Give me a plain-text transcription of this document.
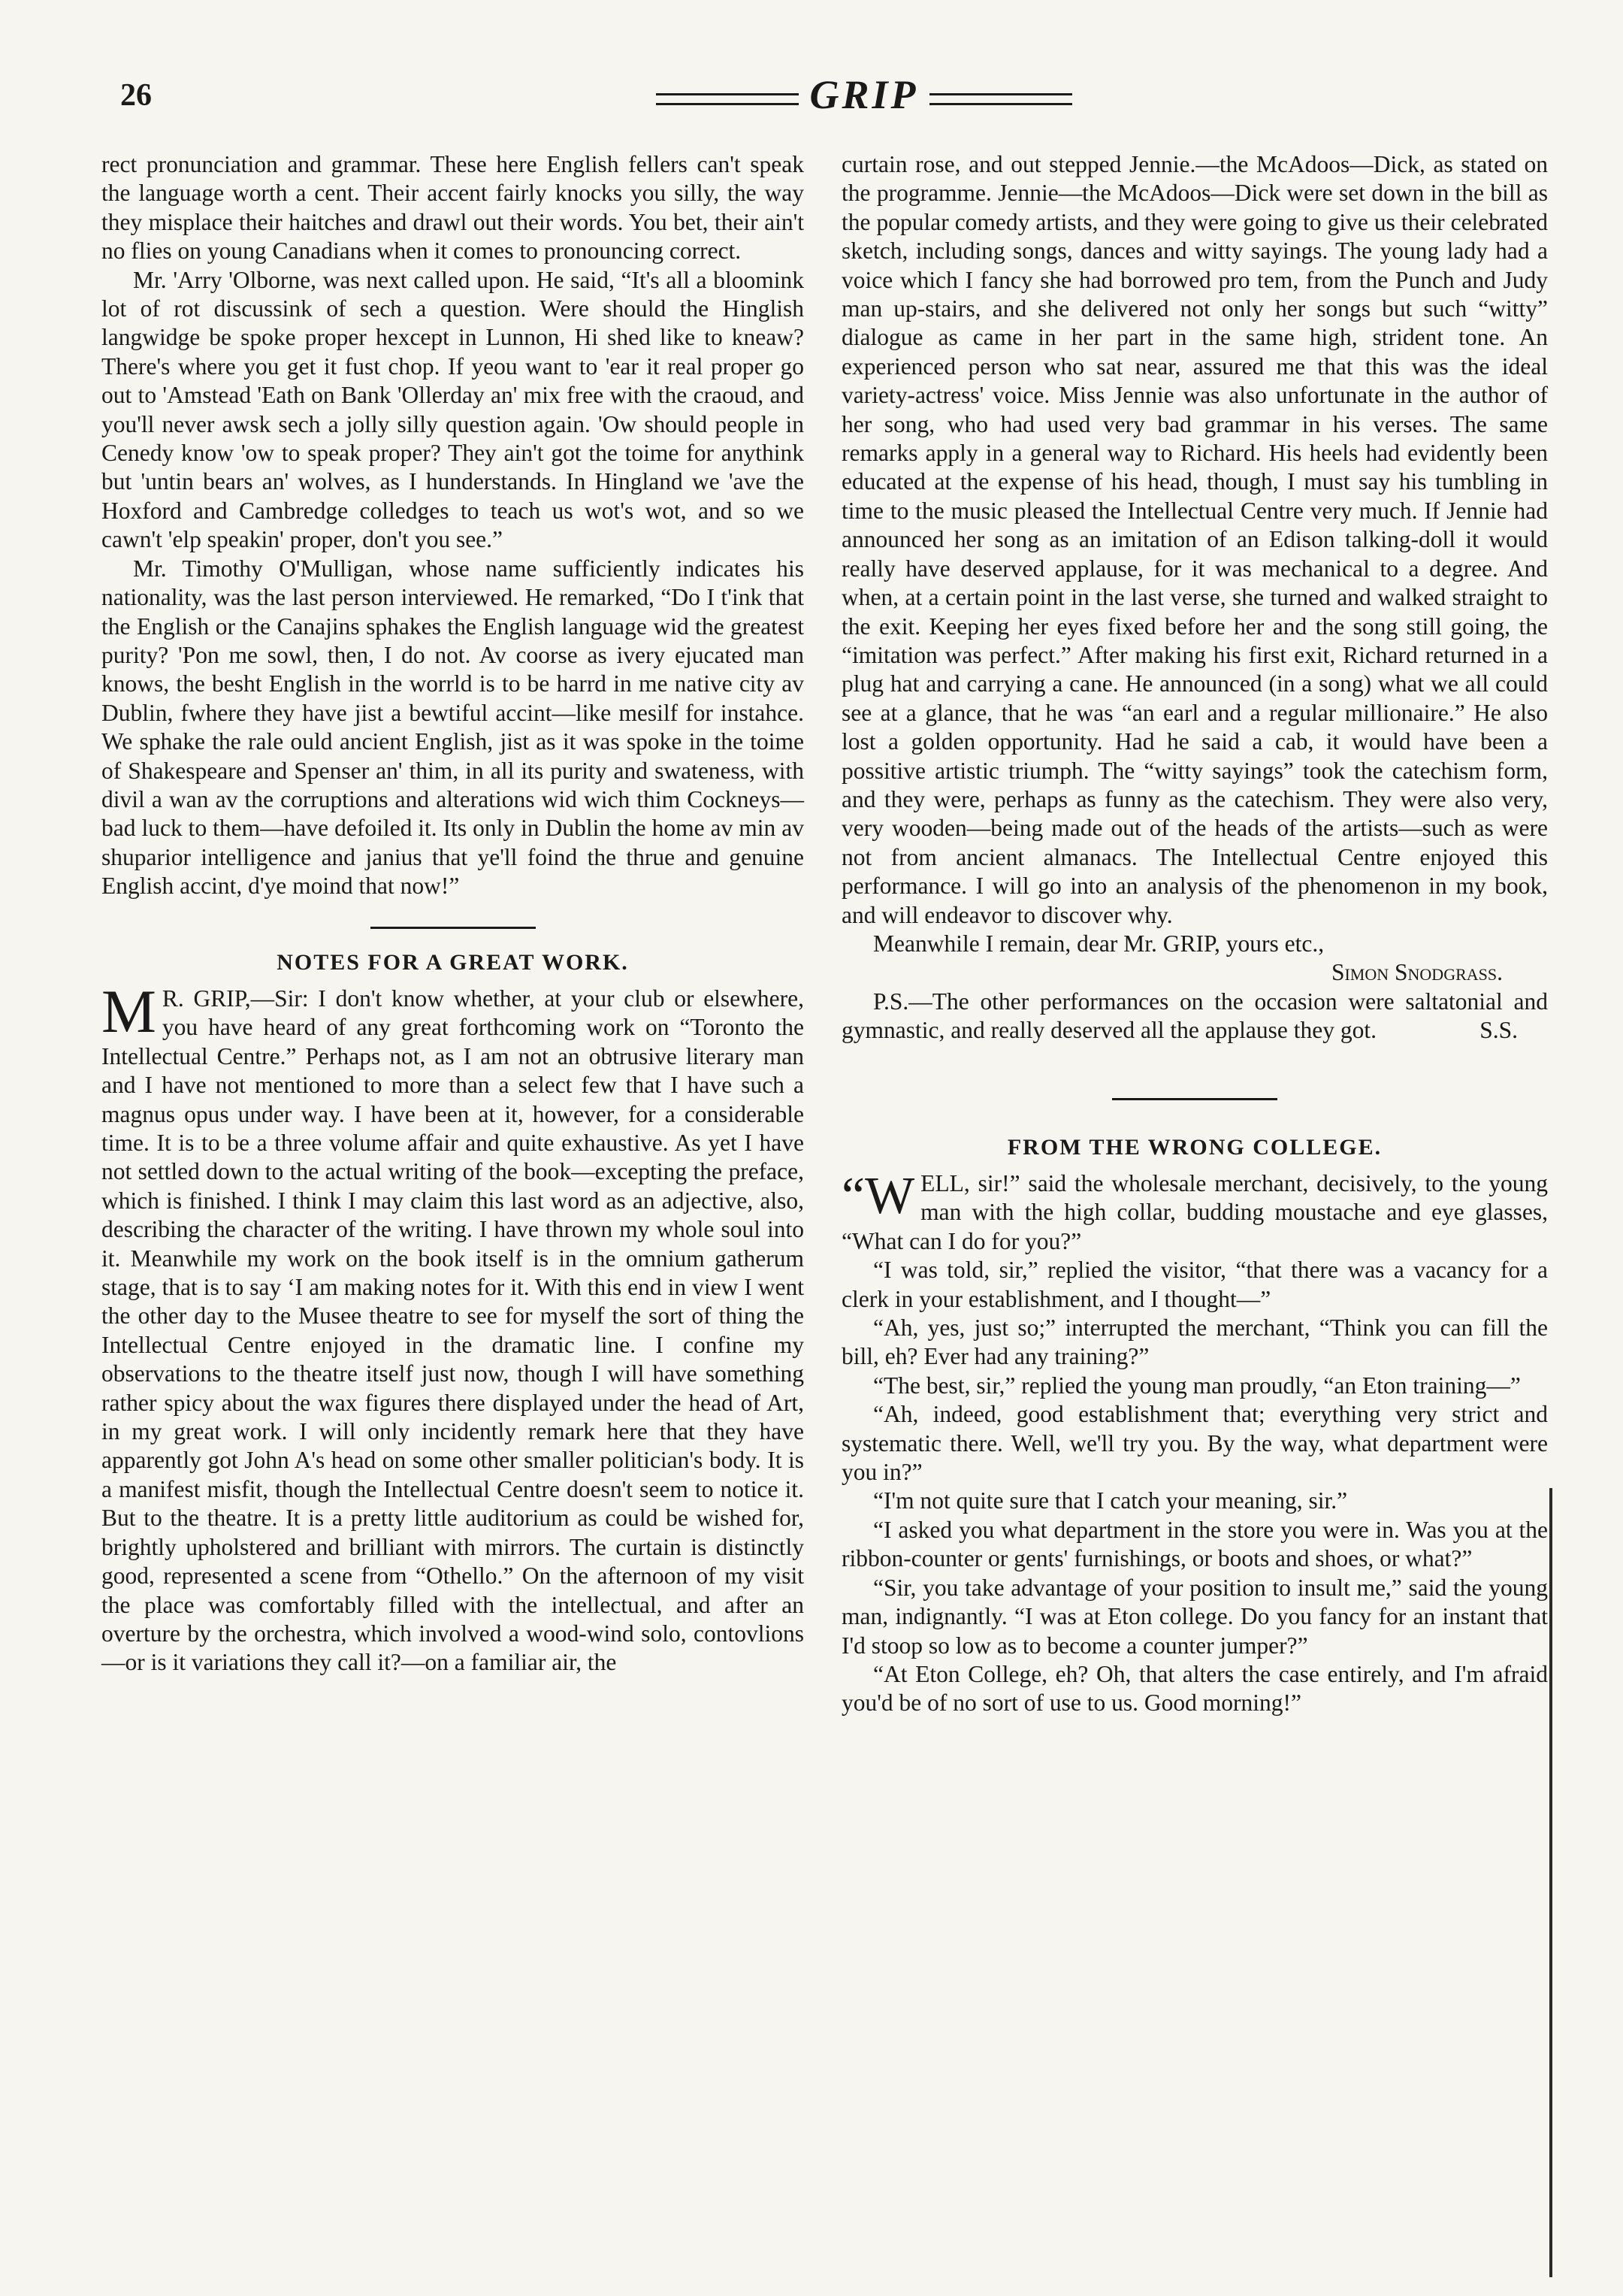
26	GRIP

rect pronunciation and grammar. These here English fellers can't speak the language worth a cent. Their accent fairly knocks you silly, the way they misplace their haitches and drawl out their words. You bet, their ain't no flies on young Canadians when it comes to pronouncing correct.

Mr. 'Arry 'Olborne, was next called upon. He said, “It's all a bloomink lot of rot discussink of sech a question. Were should the Hinglish langwidge be spoke proper hexcept in Lunnon, Hi shed like to kneaw? There's where you get it fust chop. If yeou want to 'ear it real proper go out to 'Amstead 'Eath on Bank 'Ollerday an' mix free with the craoud, and you'll never awsk sech a jolly silly question again. 'Ow should people in Cenedy know 'ow to speak proper? They ain't got the toime for anythink but 'untin bears an' wolves, as I hunderstands. In Hingland we 'ave the Hoxford and Cambredge colledges to teach us wot's wot, and so we cawn't 'elp speakin' proper, don't you see.”

Mr. Timothy O'Mulligan, whose name sufficiently indicates his nationality, was the last person interviewed. He remarked, “Do I t'ink that the English or the Canajins sphakes the English language wid the greatest purity? 'Pon me sowl, then, I do not. Av coorse as ivery ejucated man knows, the besht English in the worrld is to be harrd in me native city av Dublin, fwhere they have jist a bewtiful accint—like mesilf for instahce. We sphake the rale ould ancient English, jist as it was spoke in the toime of Shakespeare and Spenser an' thim, in all its purity and swateness, with divil a wan av the corruptions and alterations wid wich thim Cockneys—bad luck to them—have defoiled it. Its only in Dublin the home av min av shuparior intelligence and janius that ye'll foind the thrue and genuine English accint, d'ye moind that now!”

NOTES FOR A GREAT WORK.

M R. GRIP,—Sir: I don't know whether, at your club or elsewhere, you have heard of any great forthcoming work on “Toronto the Intellectual Centre.” Perhaps not, as I am not an obtrusive literary man and I have not mentioned to more than a select few that I have such a magnus opus under way. I have been at it, however, for a considerable time. It is to be a three volume affair and quite exhaustive. As yet I have not settled down to the actual writing of the book—excepting the preface, which is finished. I think I may claim this last word as an adjective, also, describing the character of the writing. I have thrown my whole soul into it. Meanwhile my work on the book itself is in the omnium gatherum stage, that is to say ‘I am making notes for it. With this end in view I went the other day to the Musee theatre to see for myself the sort of thing the Intellectual Centre enjoyed in the dramatic line. I confine my observations to the theatre itself just now, though I will have something rather spicy about the wax figures there displayed under the head of Art, in my great work. I will only incidently remark here that they have apparently got John A's head on some other smaller politician's body. It is a manifest misfit, though the Intellectual Centre doesn't seem to notice it. But to the theatre. It is a pretty little auditorium as could be wished for, brightly upholstered and brilliant with mirrors. The curtain is distinctly good, represented a scene from “Othello.” On the afternoon of my visit the place was comfortably filled with the intellectual, and after an overture by the orchestra, which involved a wood-wind solo, contovlions —or is it variations they call it?—on a familiar air, the

curtain rose, and out stepped Jennie.—the McAdoos—Dick, as stated on the programme. Jennie—the McAdoos—Dick were set down in the bill as the popular comedy artists, and they were going to give us their celebrated sketch, including songs, dances and witty sayings. The young lady had a voice which I fancy she had borrowed pro tem, from the Punch and Judy man up-stairs, and she delivered not only her songs but such “witty” dialogue as came in her part in the same high, strident tone. An experienced person who sat near, assured me that this was the ideal variety-actress' voice. Miss Jennie was also unfortunate in the author of her song, who had used very bad grammar in his verses. The same remarks apply in a general way to Richard. His heels had evidently been educated at the expense of his head, though, I must say his tumbling in time to the music pleased the Intellectual Centre very much. If Jennie had announced her song as an imitation of an Edison talking-doll it would really have deserved applause, for it was mechanical to a degree. And when, at a certain point in the last verse, she turned and walked straight to the exit. Keeping her eyes fixed before her and the song still going, the “imitation was perfect.” After making his first exit, Richard returned in a plug hat and carrying a cane. He announced (in a song) what we all could see at a glance, that he was “an earl and a regular millionaire.” He also lost a golden opportunity. Had he said a cab, it would have been a possitive artistic triumph. The “witty sayings” took the catechism form, and they were, perhaps as funny as the catechism. They were also very, very wooden—being made out of the heads of the artists—such as were not from ancient almanacs. The Intellectual Centre enjoyed this performance. I will go into an analysis of the phenomenon in my book, and will endeavor to discover why.

Meanwhile I remain, dear Mr. GRIP, yours etc.,

Simon Snodgrass.

P.S.—The other performances on the occasion were saltatonial and gymnastic, and really deserved all the applause they got.	S.S.

FROM THE WRONG COLLEGE.

“WELL, sir!” said the wholesale merchant, decisively, to the young man with the high collar, budding moustache and eye glasses, “What can I do for you?”

“I was told, sir,” replied the visitor, “that there was a vacancy for a clerk in your establishment, and I thought—”

“Ah, yes, just so;” interrupted the merchant, “Think you can fill the bill, eh? Ever had any training?”

“The best, sir,” replied the young man proudly, “an Eton training—”

“Ah, indeed, good establishment that; everything very strict and systematic there. Well, we'll try you. By the way, what department were you in?”

“I'm not quite sure that I catch your meaning, sir.”

“I asked you what department in the store you were in. Was you at the ribbon-counter or gents' furnishings, or boots and shoes, or what?”

“Sir, you take advantage of your position to insult me,” said the young man, indignantly. “I was at Eton college. Do you fancy for an instant that I'd stoop so low as to become a counter jumper?”

“At Eton College, eh? Oh, that alters the case entirely, and I'm afraid you'd be of no sort of use to us. Good morning!”
